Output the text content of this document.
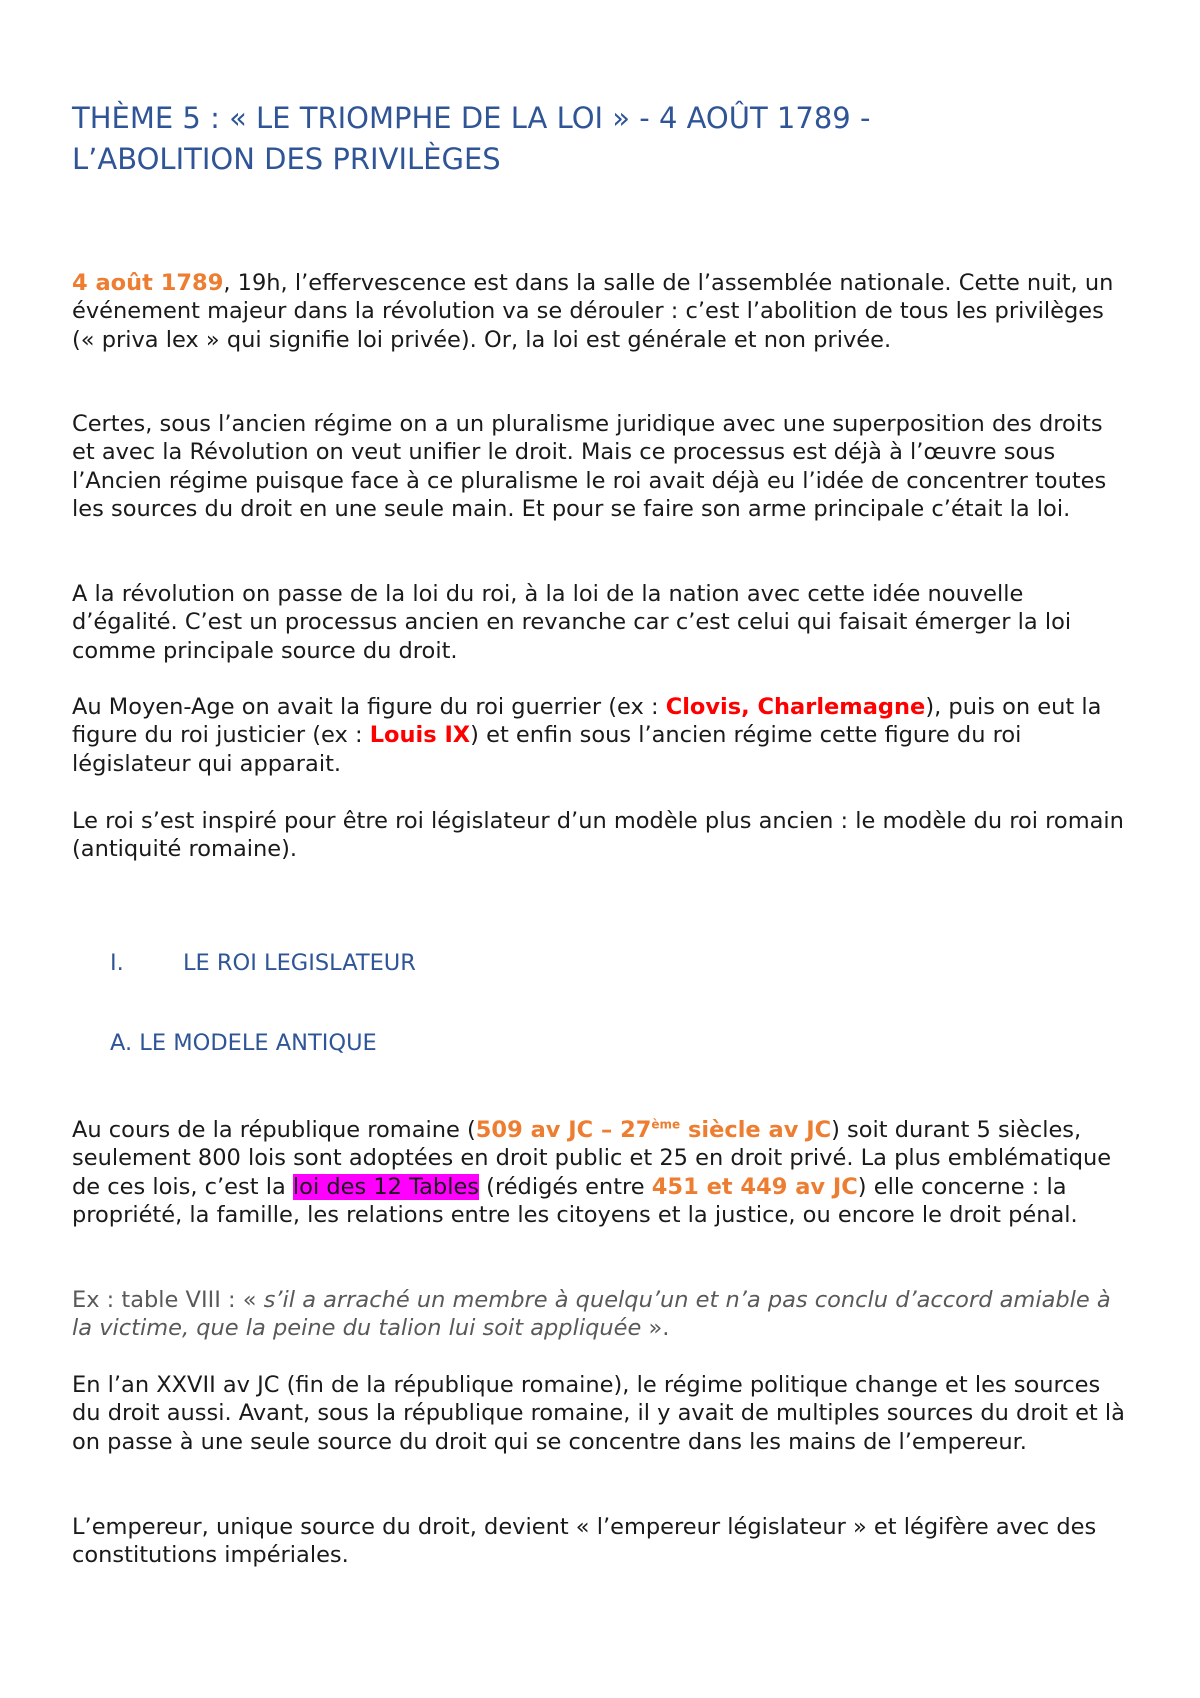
THÈME 5 : « LE TRIOMPHE DE LA LOI » - 4 AOÛT 1789 -
L’ABOLITION DES PRIVILÈGES

4 août 1789, 19h, l’effervescence est dans la salle de l’assemblée nationale. Cette nuit, un événement majeur dans la révolution va se dérouler : c’est l’abolition de tous les privilèges (« priva lex » qui signifie loi privée). Or, la loi est générale et non privée.

Certes, sous l’ancien régime on a un pluralisme juridique avec une superposition des droits et avec la Révolution on veut unifier le droit. Mais ce processus est déjà à l’œuvre sous l’Ancien régime puisque face à ce pluralisme le roi avait déjà eu l’idée de concentrer toutes les sources du droit en une seule main. Et pour se faire son arme principale c’était la loi.

A la révolution on passe de la loi du roi, à la loi de la nation avec cette idée nouvelle d’égalité. C’est un processus ancien en revanche car c’est celui qui faisait émerger la loi comme principale source du droit.

Au Moyen-Age on avait la figure du roi guerrier (ex : Clovis, Charlemagne), puis on eut la figure du roi justicier (ex : Louis IX) et enfin sous l’ancien régime cette figure du roi législateur qui apparait.

Le roi s’est inspiré pour être roi législateur d’un modèle plus ancien : le modèle du roi romain (antiquité romaine).

I.	LE ROI LEGISLATEUR
A. LE MODELE ANTIQUE

Au cours de la république romaine (509 av JC – 27ème siècle av JC) soit durant 5 siècles, seulement 800 lois sont adoptées en droit public et 25 en droit privé. La plus emblématique de ces lois, c’est la loi des 12 Tables (rédigés entre 451 et 449 av JC) elle concerne : la propriété, la famille, les relations entre les citoyens et la justice, ou encore le droit pénal.

Ex : table VIII : « s’il a arraché un membre à quelqu’un et n’a pas conclu d’accord amiable à la victime, que la peine du talion lui soit appliquée ».

En l’an XXVII av JC (fin de la république romaine), le régime politique change et les sources du droit aussi. Avant, sous la république romaine, il y avait de multiples sources du droit et là on passe à une seule source du droit qui se concentre dans les mains de l’empereur.

L’empereur, unique source du droit, devient « l’empereur législateur » et légifère avec des constitutions impériales.
